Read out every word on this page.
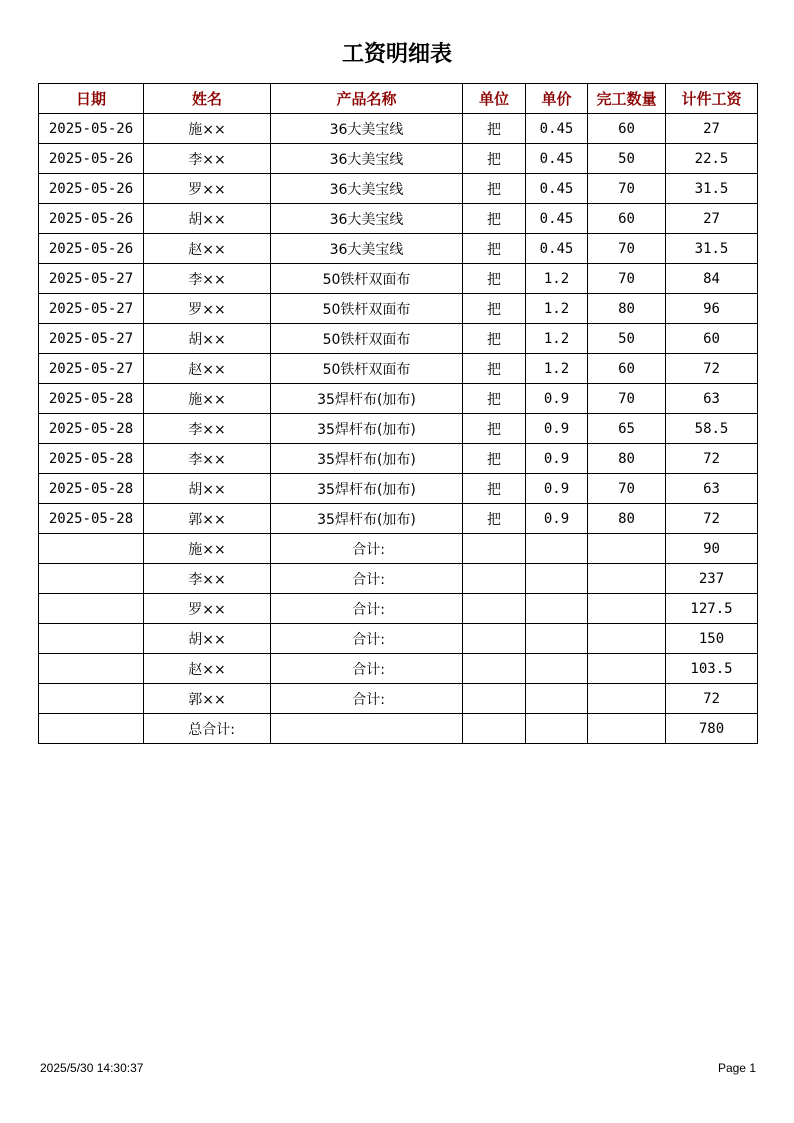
工资明细表
日期	姓名	产品名称	单位	单价	完工数量	计件工资
2025-05-26	施××	36大美宝线	把	0.45	60	27
2025-05-26	李××	36大美宝线	把	0.45	50	22.5
2025-05-26	罗××	36大美宝线	把	0.45	70	31.5
2025-05-26	胡××	36大美宝线	把	0.45	60	27
2025-05-26	赵××	36大美宝线	把	0.45	70	31.5
2025-05-27	李××	50铁杆双面布	把	1.2	70	84
2025-05-27	罗××	50铁杆双面布	把	1.2	80	96
2025-05-27	胡××	50铁杆双面布	把	1.2	50	60
2025-05-27	赵××	50铁杆双面布	把	1.2	60	72
2025-05-28	施××	35焊杆布(加布)	把	0.9	70	63
2025-05-28	李××	35焊杆布(加布)	把	0.9	65	58.5
2025-05-28	李××	35焊杆布(加布)	把	0.9	80	72
2025-05-28	胡××	35焊杆布(加布)	把	0.9	70	63
2025-05-28	郭××	35焊杆布(加布)	把	0.9	80	72
	施××	合计:				90
	李××	合计:				237
	罗××	合计:				127.5
	胡××	合计:				150
	赵××	合计:				103.5
	郭××	合计:				72
	总合计:					780
2025/5/30 14:30:37	Page 1
